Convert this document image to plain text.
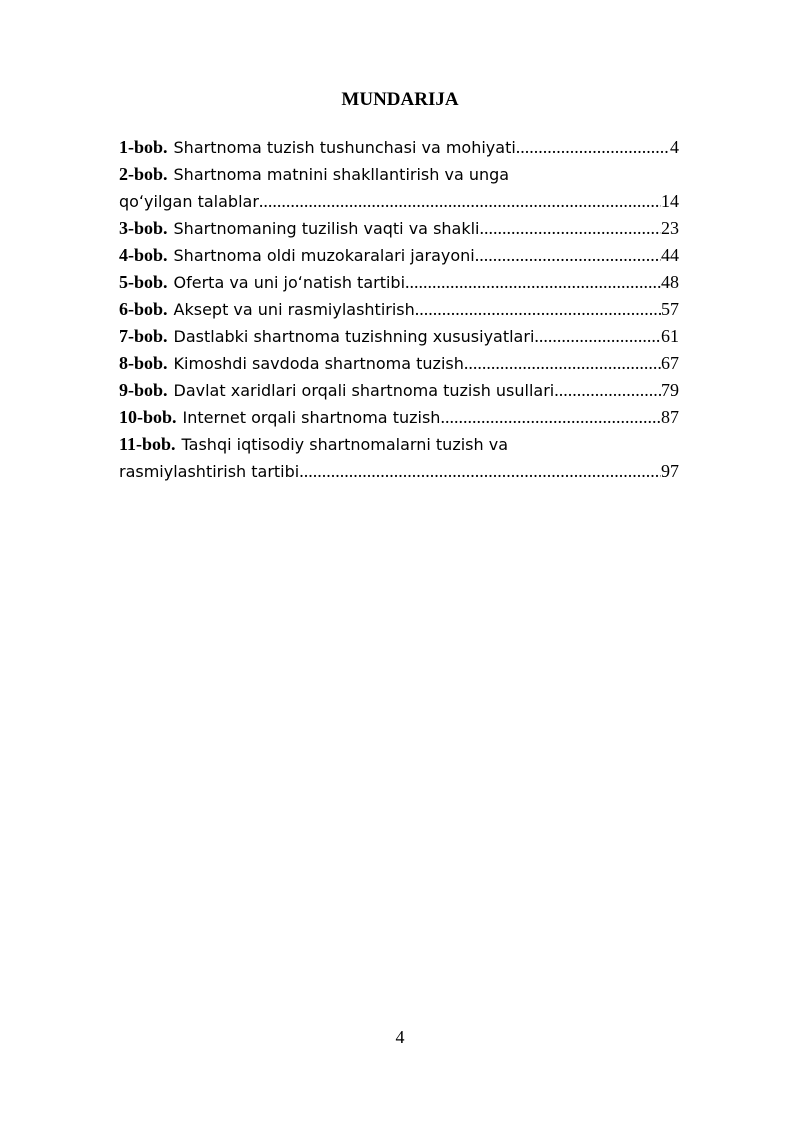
MUNDARIJA
1-bob. Shartnoma tuzish tushunchasi va mohiyati .....	4
2-bob. Shartnoma matnini shakllantirish va unga
qoʻyilgan talablar .....	14
3-bob. Shartnomaning tuzilish vaqti va shakli .....	23
4-bob. Shartnoma oldi muzokaralari jarayoni .....	44
5-bob. Oferta va uni joʻnatish tartibi .....	48
6-bob. Aksept va uni rasmiylashtirish .....	57
7-bob. Dastlabki shartnoma tuzishning xususiyatlari .....	61
8-bob. Kimoshdi savdoda shartnoma tuzish .....	67
9-bob. Davlat xaridlari orqali shartnoma tuzish usullari .....	79
10-bob. Internet orqali shartnoma tuzish .....	87
11-bob. Tashqi iqtisodiy shartnomalarni tuzish va
rasmiylashtirish tartibi .....	97
4
